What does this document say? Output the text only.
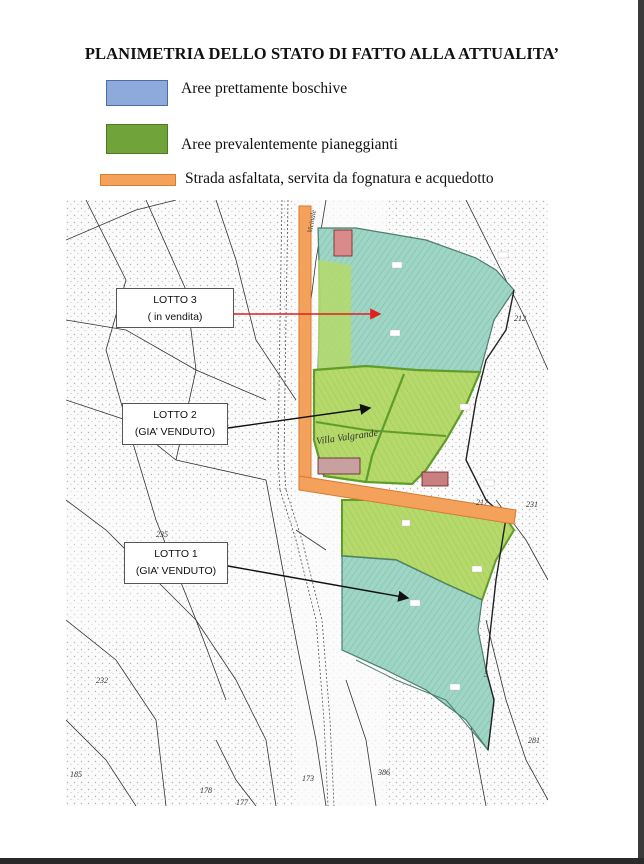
PLANIMETRIA DELLO STATO DI FATTO ALLA ATTUALITA’
Aree prettamente boschive
Aree prevalentemente pianeggianti
Strada asfaltata, servita da fognatura e acquedotto
Villa Valgrande
Vicinale
212
231
217
235
232
281
185
178
177
173
386
5
LOTTO 3
( in vendita)
LOTTO 2
(GIA’ VENDUTO)
LOTTO 1
(GIA’ VENDUTO)
